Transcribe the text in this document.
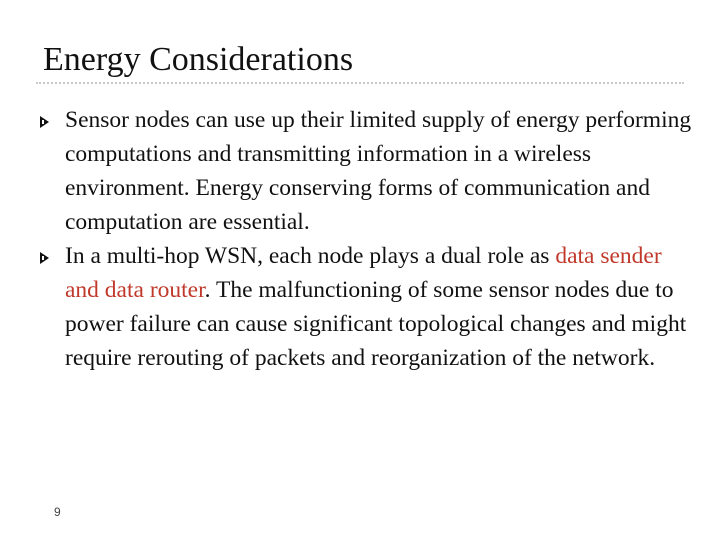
Energy Considerations
Sensor nodes can use up their limited supply of energy performing computations and transmitting information in a wireless environment. Energy conserving forms of communication and computation are essential.
In a multi-hop WSN, each node plays a dual role as data sender and data router. The malfunctioning of some sensor nodes due to power failure can cause significant topological changes and might require rerouting of packets and reorganization of the network.
9
